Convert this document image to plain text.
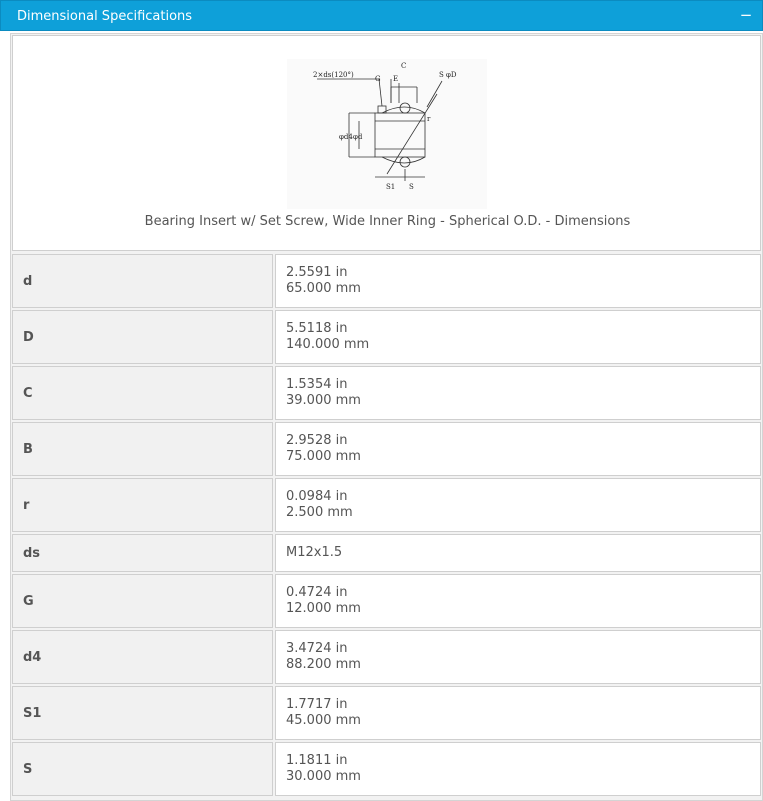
Dimensional Specifications	−
2×ds(120°)	G E
C
S φD
r
φd4 φd
S1 S
Bearing Insert w/ Set Screw, Wide Inner Ring - Spherical O.D. - Dimensions
d
2.5591 in
65.000 mm
D
5.5118 in
140.000 mm
C
1.5354 in
39.000 mm
B
2.9528 in
75.000 mm
r
0.0984 in
2.500 mm
ds	M12x1.5
G
0.4724 in
12.000 mm
d4
3.4724 in
88.200 mm
S1
1.7717 in
45.000 mm
S
1.1811 in
30.000 mm
